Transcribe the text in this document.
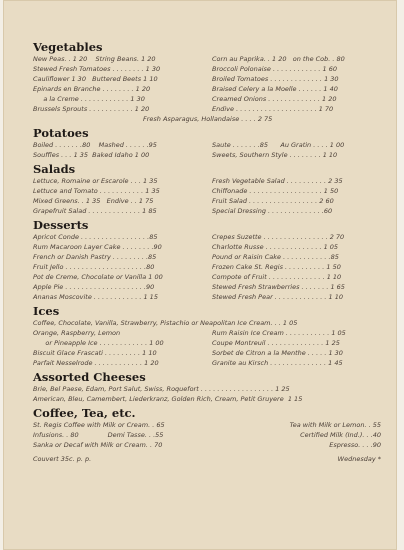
Vegetables
New Peas. . 1 20    String Beans. 1 20
Stewed Fresh Tomatoes . . . . . . . . 1 30
Cauliflower 1 30   Buttered Beets 1 10
Epinards en Branche . . . . . . . . 1 20
a la Creme . . . . . . . . . . . . 1 30
Brussels Sprouts . . . . . . . . . . . 1 20
Corn au Paprika. . 1 20   on the Cob. . 80
Broccoli Polonaise . . . . . . . . . . . . 1 60
Broiled Tomatoes . . . . . . . . . . . . . 1 30
Braised Celery a la Moelle . . . . . . 1 40
Creamed Onions . . . . . . . . . . . . . 1 20
Endive . . . . . . . . . . . . . . . . . . . . 1 70
Fresh Asparagus, Hollandaise . . . . 2 75
Potatoes
Boiled . . . . . . .80    Mashed . . . . . .95
Souffles . . . 1 35  Baked Idaho 1 00
Saute . . . . . . .85      Au Gratin . . . . 1 00
Sweets, Southern Style . . . . . . . . 1 10
Salads
Lettuce, Romaine or Escarole . . . 1 35
Lettuce and Tomato . . . . . . . . . . . 1 35
Mixed Greens. . 1 35   Endive . . 1 75
Grapefruit Salad . . . . . . . . . . . . . 1 85
Fresh Vegetable Salad . . . . . . . . . . 2 35
Chiffonade . . . . . . . . . . . . . . . . . . 1 50
Fruit Salad . . . . . . . . . . . . . . . . . 2 60
Special Dressing . . . . . . . . . . . . . .60
Desserts
Apricot Conde . . . . . . . . . . . . . . . . .85
Rum Macaroon Layer Cake . . . . . . . .90
French or Danish Pastry . . . . . . . . .85
Fruit Jello . . . . . . . . . . . . . . . . . . . .80
Pot de Creme, Chocolate or Vanilla 1 00
Apple Pie . . . . . . . . . . . . . . . . . . . .90
Ananas Moscovite . . . . . . . . . . . . 1 15
Crepes Suzette . . . . . . . . . . . . . . . . 2 70
Charlotte Russe . . . . . . . . . . . . . . 1 05
Pound or Raisin Cake . . . . . . . . . . . .85
Frozen Cake St. Regis . . . . . . . . . . 1 50
Compote of Fruit . . . . . . . . . . . . . . 1 10
Stewed Fresh Strawberries . . . . . . . 1 65
Stewed Fresh Pear . . . . . . . . . . . . . 1 10
Ices
Coffee, Chocolate, Vanilla, Strawberry, Pistachio or Neapolitan Ice Cream. . . 1 05
Orange, Raspberry, Lemon
or Pineapple Ice . . . . . . . . . . . . 1 00
Biscuit Glace Frascati . . . . . . . . . 1 10
Parfait Nesselrode . . . . . . . . . . . . 1 20
Rum Raisin Ice Cream . . . . . . . . . . . 1 05
Coupe Montreuil . . . . . . . . . . . . . . 1 25
Sorbet de Citron a la Menthe . . . . . 1 30
Granite au Kirsch . . . . . . . . . . . . . . 1 45
Assorted Cheeses
Brie, Bel Paese, Edam, Port Salut, Swiss, Roquefort . . . . . . . . . . . . . . . . . . 1 25
American, Bleu, Camembert, Liederkranz, Golden Rich, Cream, Petit Gruyere  1 15
Coffee, Tea, etc.
St. Regis Coffee with Milk or Cream. . 65
Infusions. . 80              Demi Tasse. . .55
Sanka or Decaf with Milk or Cream. . 70
Tea with Milk or Lemon. . 55
Certified Milk (Ind.). . .40
Espresso. . . .90
Couvert 35c. p. p.	Wednesday *
